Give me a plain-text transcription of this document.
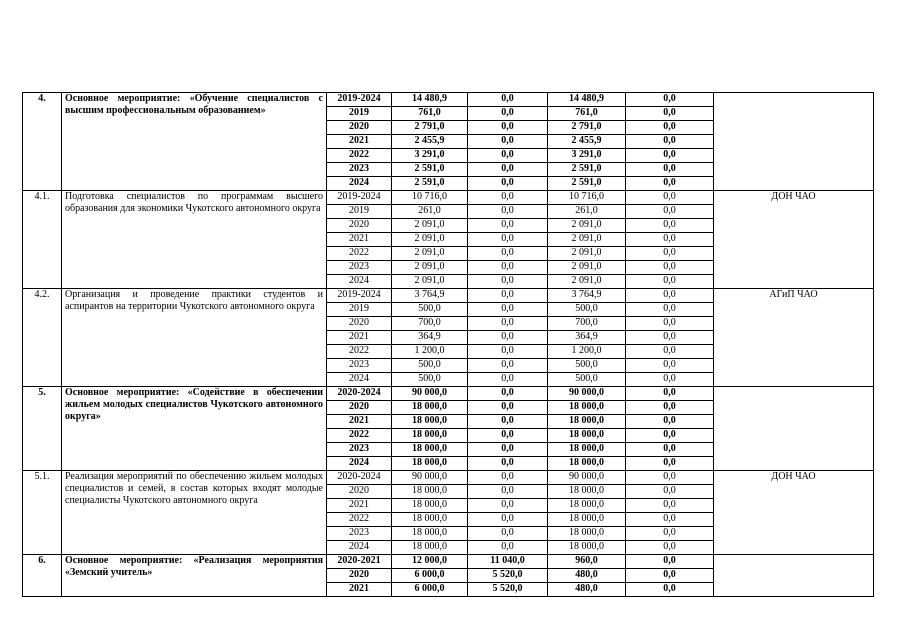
4.	Основное мероприятие: «Обучение специалистов с высшим профессиональным образованием»	2019-2024	14 480,9	0,0	14 480,9	0,0	
		2019	761,0	0,0	761,0	0,0	
		2020	2 791,0	0,0	2 791,0	0,0	
		2021	2 455,9	0,0	2 455,9	0,0	
		2022	3 291,0	0,0	3 291,0	0,0	
		2023	2 591,0	0,0	2 591,0	0,0	
		2024	2 591,0	0,0	2 591,0	0,0	
4.1.	Подготовка специалистов по программам высшего образования для экономики Чукотского автономного округа	2019-2024	10 716,0	0,0	10 716,0	0,0	ДОН ЧАО
		2019	261,0	0,0	261,0	0,0	
		2020	2 091,0	0,0	2 091,0	0,0	
		2021	2 091,0	0,0	2 091,0	0,0	
		2022	2 091,0	0,0	2 091,0	0,0	
		2023	2 091,0	0,0	2 091,0	0,0	
		2024	2 091,0	0,0	2 091,0	0,0	
4.2.	Организация и проведение практики студентов и аспирантов на территории Чукотского автономного округа	2019-2024	3 764,9	0,0	3 764,9	0,0	АГиП ЧАО
		2019	500,0	0,0	500,0	0,0	
		2020	700,0	0,0	700,0	0,0	
		2021	364,9	0,0	364,9	0,0	
		2022	1 200,0	0,0	1 200,0	0,0	
		2023	500,0	0,0	500,0	0,0	
		2024	500,0	0,0	500,0	0,0	
5.	Основное мероприятие: «Содействие в обеспечении жильем молодых специалистов Чукотского автономного округа»	2020-2024	90 000,0	0,0	90 000,0	0,0	
		2020	18 000,0	0,0	18 000,0	0,0	
		2021	18 000,0	0,0	18 000,0	0,0	
		2022	18 000,0	0,0	18 000,0	0,0	
		2023	18 000,0	0,0	18 000,0	0,0	
		2024	18 000,0	0,0	18 000,0	0,0	
5.1.	Реализация мероприятий по обеспечению жильем молодых специалистов и семей, в состав которых входят молодые специалисты Чукотского автономного округа	2020-2024	90 000,0	0,0	90 000,0	0,0	ДОН ЧАО
		2020	18 000,0	0,0	18 000,0	0,0	
		2021	18 000,0	0,0	18 000,0	0,0	
		2022	18 000,0	0,0	18 000,0	0,0	
		2023	18 000,0	0,0	18 000,0	0,0	
		2024	18 000,0	0,0	18 000,0	0,0	
6.	Основное мероприятие: «Реализация мероприятия «Земский учитель»	2020-2021	12 000,0	11 040,0	960,0	0,0	
		2020	6 000,0	5 520,0	480,0	0,0	
		2021	6 000,0	5 520,0	480,0	0,0	
